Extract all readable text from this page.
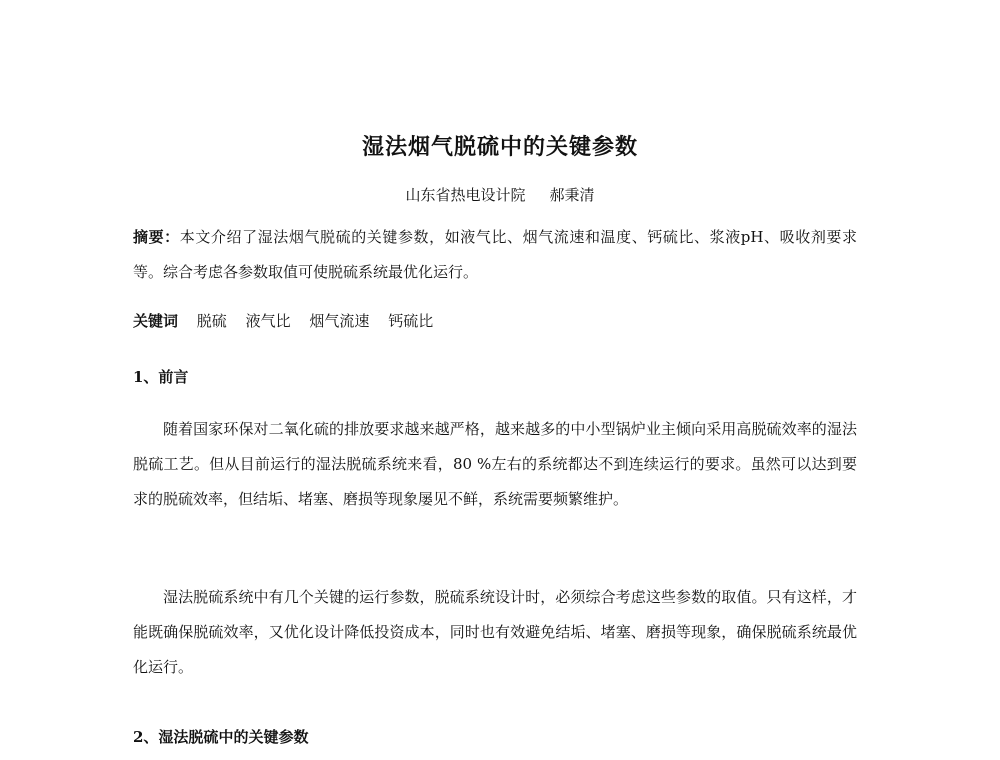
湿法烟气脱硫中的关键参数
山东省热电设计院 郝秉清
摘要：本文介绍了湿法烟气脱硫的关键参数，如液气比、烟气流速和温度、钙硫比、浆液pH、吸收剂要求等。综合考虑各参数取值可使脱硫系统最优化运行。
关键词 脱硫 液气比 烟气流速 钙硫比
1、前言
随着国家环保对二氧化硫的排放要求越来越严格，越来越多的中小型锅炉业主倾向采用高脱硫效率的湿法脱硫工艺。但从目前运行的湿法脱硫系统来看，80 %左右的系统都达不到连续运行的要求。虽然可以达到要求的脱硫效率，但结垢、堵塞、磨损等现象屡见不鲜，系统需要频繁维护。
湿法脱硫系统中有几个关键的运行参数，脱硫系统设计时，必须综合考虑这些参数的取值。只有这样，才能既确保脱硫效率，又优化设计降低投资成本，同时也有效避免结垢、堵塞、磨损等现象，确保脱硫系统最优化运行。
2、湿法脱硫中的关键参数
